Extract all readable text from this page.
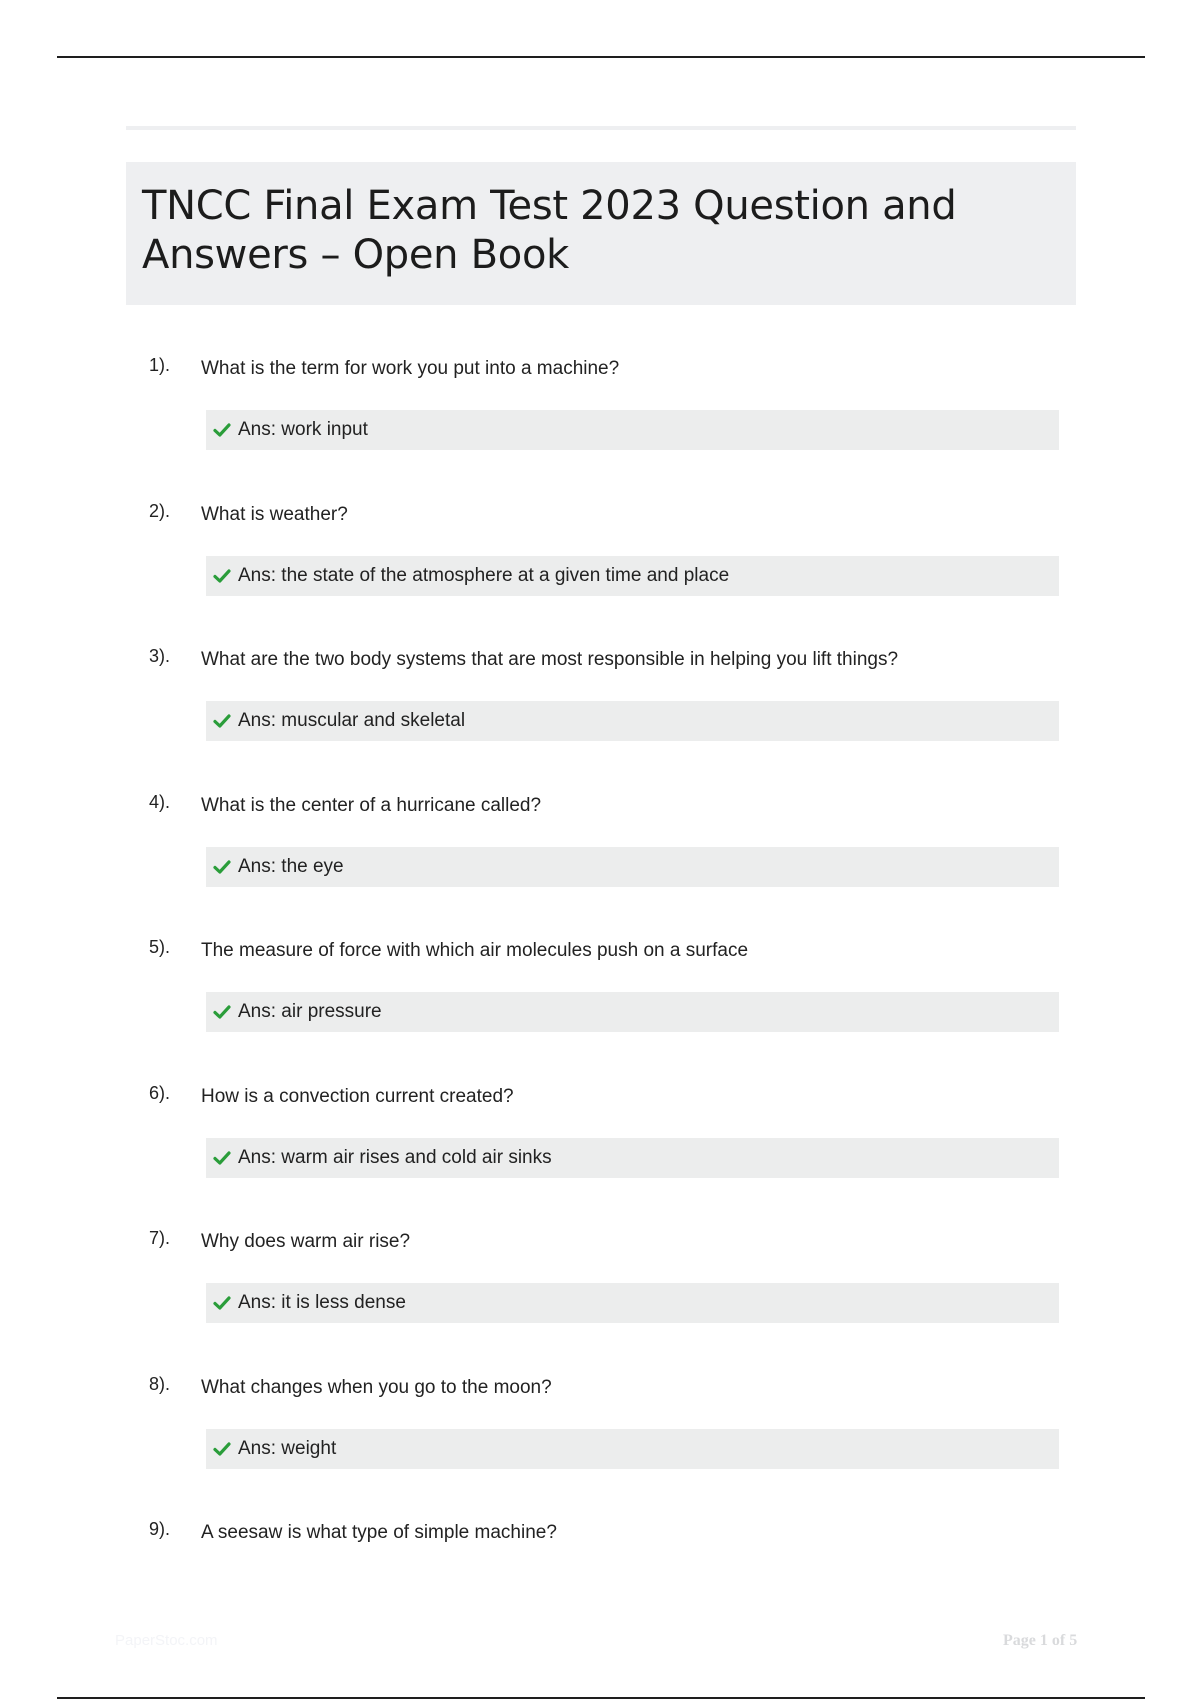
TNCC Final Exam Test 2023 Question and
Answers – Open Book
1). What is the term for work you put into a machine?
Ans: work input
2). What is weather?
Ans: the state of the atmosphere at a given time and place
3). What are the two body systems that are most responsible in helping you lift things?
Ans: muscular and skeletal
4). What is the center of a hurricane called?
Ans: the eye
5). The measure of force with which air molecules push on a surface
Ans: air pressure
6). How is a convection current created?
Ans: warm air rises and cold air sinks
7). Why does warm air rise?
Ans: it is less dense
8). What changes when you go to the moon?
Ans: weight
9). A seesaw is what type of simple machine?
PaperStoc.com	Page 1 of 5
